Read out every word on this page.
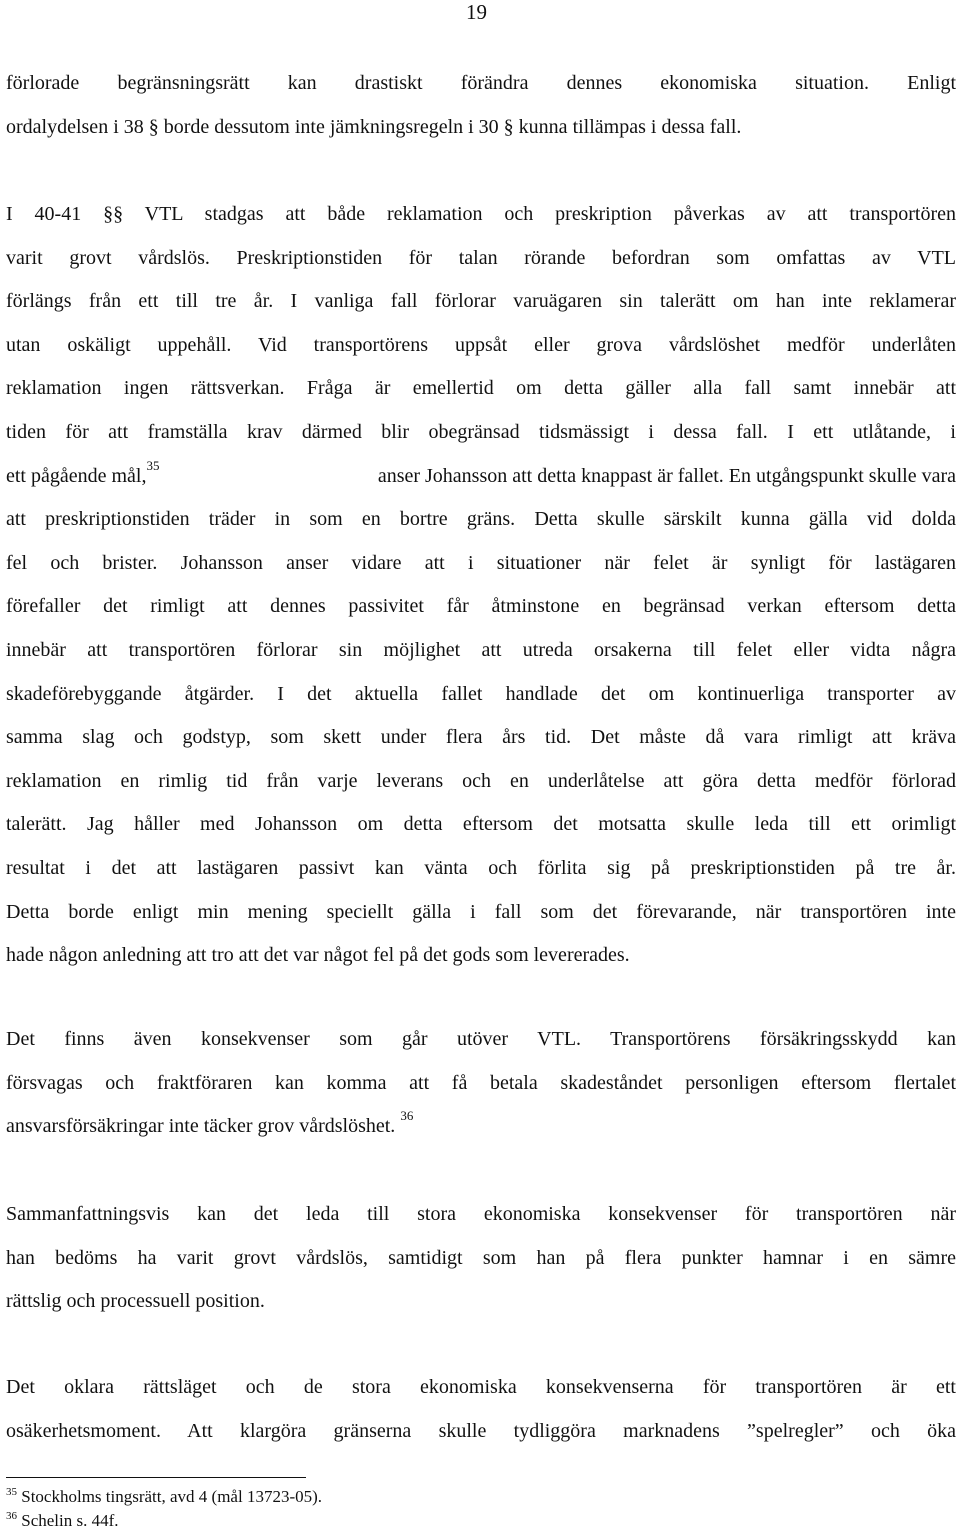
19
förlorade begränsningsrätt kan drastiskt förändra dennes ekonomiska situation. Enligt
ordalydelsen i 38 § borde dessutom inte jämkningsregeln i 30 § kunna tillämpas i dessa fall.
I 40-41 §§ VTL stadgas att både reklamation och preskription påverkas av att transportören
varit grovt vårdslös. Preskriptionstiden för talan rörande befordran som omfattas av VTL
förlängs från ett till tre år. I vanliga fall förlorar varuägaren sin talerätt om han inte reklamerar
utan oskäligt uppehåll. Vid transportörens uppsåt eller grova vårdslöshet medför underlåten
reklamation ingen rättsverkan. Fråga är emellertid om detta gäller alla fall samt innebär att
tiden för att framställa krav därmed blir obegränsad tidsmässigt i dessa fall. I ett utlåtande, i
ett pågående mål,$^{35}$	anser Johansson att detta knappast är fallet. En utgångspunkt skulle vara
att preskriptionstiden träder in som en bortre gräns. Detta skulle särskilt kunna gälla vid dolda
fel och brister. Johansson anser vidare att i situationer när felet är synligt för lastägaren
förefaller det rimligt att dennes passivitet får åtminstone en begränsad verkan eftersom detta
innebär att transportören förlorar sin möjlighet att utreda orsakerna till felet eller vidta några
skadeförebyggande åtgärder. I det aktuella fallet handlade det om kontinuerliga transporter av
samma slag och godstyp, som skett under flera års tid. Det måste då vara rimligt att kräva
reklamation en rimlig tid från varje leverans och en underlåtelse att göra detta medför förlorad
talerätt. Jag håller med Johansson om detta eftersom det motsatta skulle leda till ett orimligt
resultat i det att lastägaren passivt kan vänta och förlita sig på preskriptionstiden på tre år.
Detta borde enligt min mening speciellt gälla i fall som det förevarande, när transportören inte
hade någon anledning att tro att det var något fel på det gods som levererades.
Det finns även konsekvenser som går utöver VTL. Transportörens försäkringsskydd kan
försvagas och fraktföraren kan komma att få betala skadeståndet personligen eftersom flertalet
ansvarsförsäkringar inte täcker grov vårdslöshet. $^{36}$
Sammanfattningsvis kan det leda till stora ekonomiska konsekvenser för transportören när
han bedöms ha varit grovt vårdslös, samtidigt som han på flera punkter hamnar i en sämre
rättslig och processuell position.
Det oklara rättsläget och de stora ekonomiska konsekvenserna för transportören är ett
osäkerhetsmoment. Att klargöra gränserna skulle tydliggöra marknadens ”spelregler” och öka
$^{35}$ Stockholms tingsrätt, avd 4 (mål 13723-05).
$^{36}$ Schelin s. 44f.
